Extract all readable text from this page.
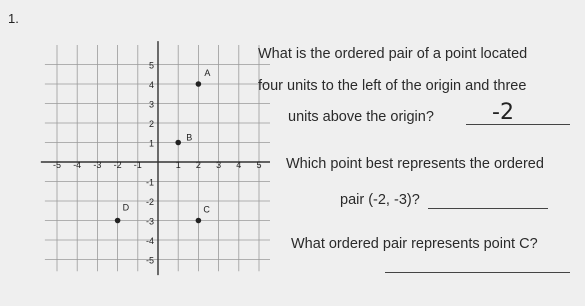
1.
-5 -4 -3 -2 -1	1 2 3 4 5
5
4
3
2
1
-1
-2
-3
-4
-5
A
B
C
D
What is the ordered pair of a point located
four units to the left of the origin and three
units above the origin?	-2
Which point best represents the ordered
pair (-2, -3)?
What ordered pair represents point C?
